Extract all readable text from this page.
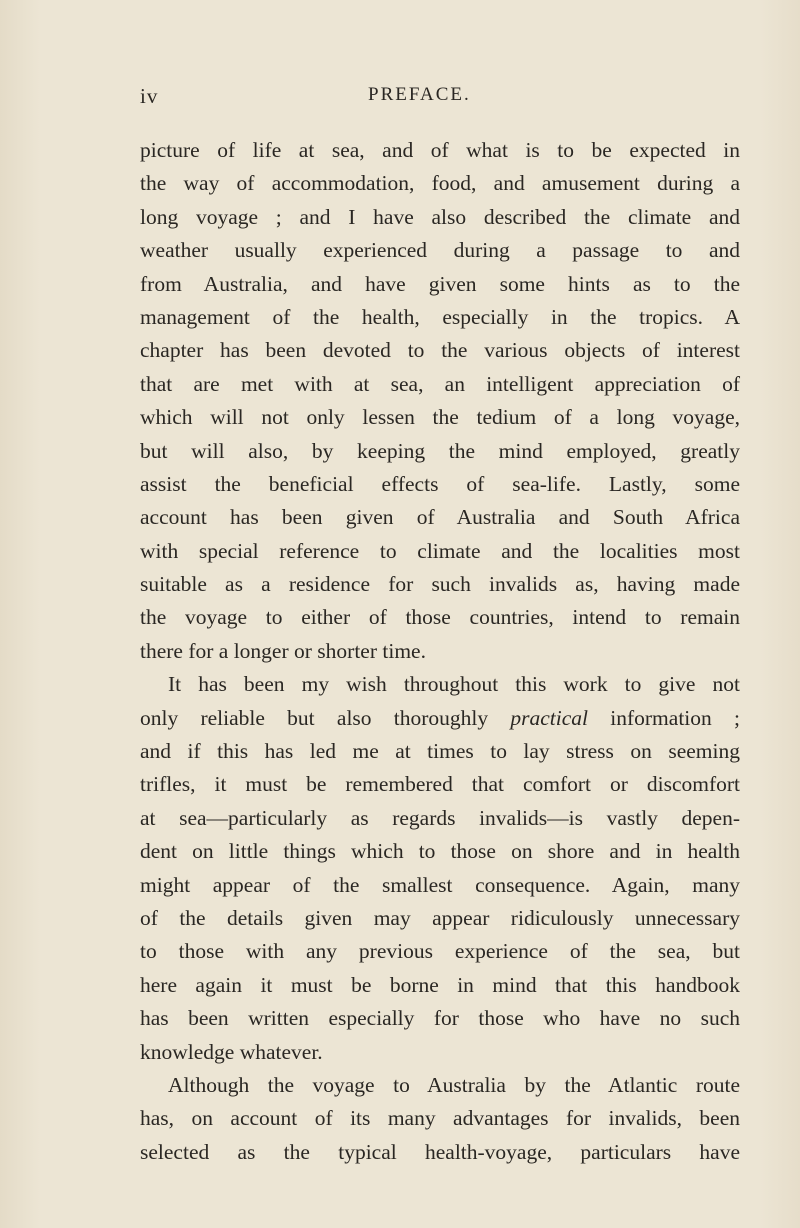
iv	PREFACE.
picture of life at sea, and of what is to be expected in
the way of accommodation, food, and amusement during a
long voyage ; and I have also described the climate and
weather usually experienced during a passage to and
from Australia, and have given some hints as to the
management of the health, especially in the tropics. A
chapter has been devoted to the various objects of interest
that are met with at sea, an intelligent appreciation of
which will not only lessen the tedium of a long voyage,
but will also, by keeping the mind employed, greatly
assist the beneficial effects of sea-life. Lastly, some
account has been given of Australia and South Africa
with special reference to climate and the localities most
suitable as a residence for such invalids as, having made
the voyage to either of those countries, intend to remain
there for a longer or shorter time.
It has been my wish throughout this work to give not
only reliable but also thoroughly practical information ;
and if this has led me at times to lay stress on seeming
trifles, it must be remembered that comfort or discomfort
at sea—particularly as regards invalids—is vastly depen-
dent on little things which to those on shore and in health
might appear of the smallest consequence. Again, many
of the details given may appear ridiculously unnecessary
to those with any previous experience of the sea, but
here again it must be borne in mind that this handbook
has been written especially for those who have no such
knowledge whatever.
Although the voyage to Australia by the Atlantic route
has, on account of its many advantages for invalids, been
selected as the typical health-voyage, particulars have
